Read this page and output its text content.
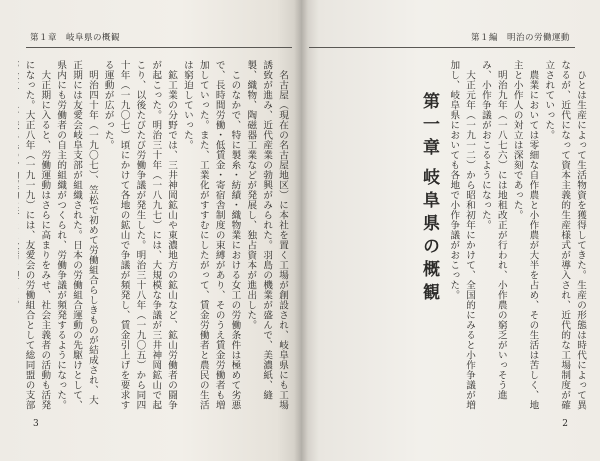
第１章　岐阜県の概観

名古屋（現在の名古屋地区）に本社を置く工場が創設され、岐阜県にも工場誘致が進み、近代産業の勃興がみられた。羽島の機業が盛んで、美濃紙、縫製、織物、陶磁器工業などが発展し、独占資本が進出した。

このなかで、特に製糸・紡績・織物業における女工の労働条件は極めて劣悪で、長時間労働・低賃金・寄宿舎制度の束縛があり、そのうえ賃金労働者も増加していった。また、工業化がすすむにしたがって、賃金労働者と農民の生活は窮迫していった。

鉱工業の分野では、三井神岡鉱山や東濃地方の鉱山など、鉱山労働者の闘争が起こった。明治三十年（一八九七）には、大規模な争議が三井神岡鉱山で起こり、以後たびたび労働争議が発生した。明治三十八年（一九〇五）から同四十年（一九〇七）頃にかけて各地の鉱山で争議が頻発し、賃金引上げを要求する運動が広がった。

明治四十年（一九〇七）、笠松で初めて労働組合らしきものが結成され、大正期には友愛会岐阜支部が組織された。日本の労働組合運動の先駆けとして、県内にも労働者の自主的組織がつくられ、労働争議が頻発するようになった。

大正期に入ると、労働運動はさらに高まりをみせ、社会主義者の活動も活発になった。大正八年（一九一九）には、友愛会の労働組合として総同盟の支部

3
第１編　明治の労働運動
第一章
岐阜県の概観	ひとは生産によって生活物資を獲得してきた。生産の形態は時代によって異なるが、近代になって資本主義的生産様式が導入され、近代的な工場制度が確立されていった。

農業においては零細な自作農と小作農が大半を占め、その生活は苦しく、地主と小作人の対立は深刻であった。

明治九年（一八七六）には地租改正が行われ、小作農の窮乏がいっそう進み、小作争議がおこるようになった。

大正元年（一九一二）から昭和初年にかけて、全国的にみると小作争議が増加し、岐阜県においても各地で小作争議がおこった。

2
